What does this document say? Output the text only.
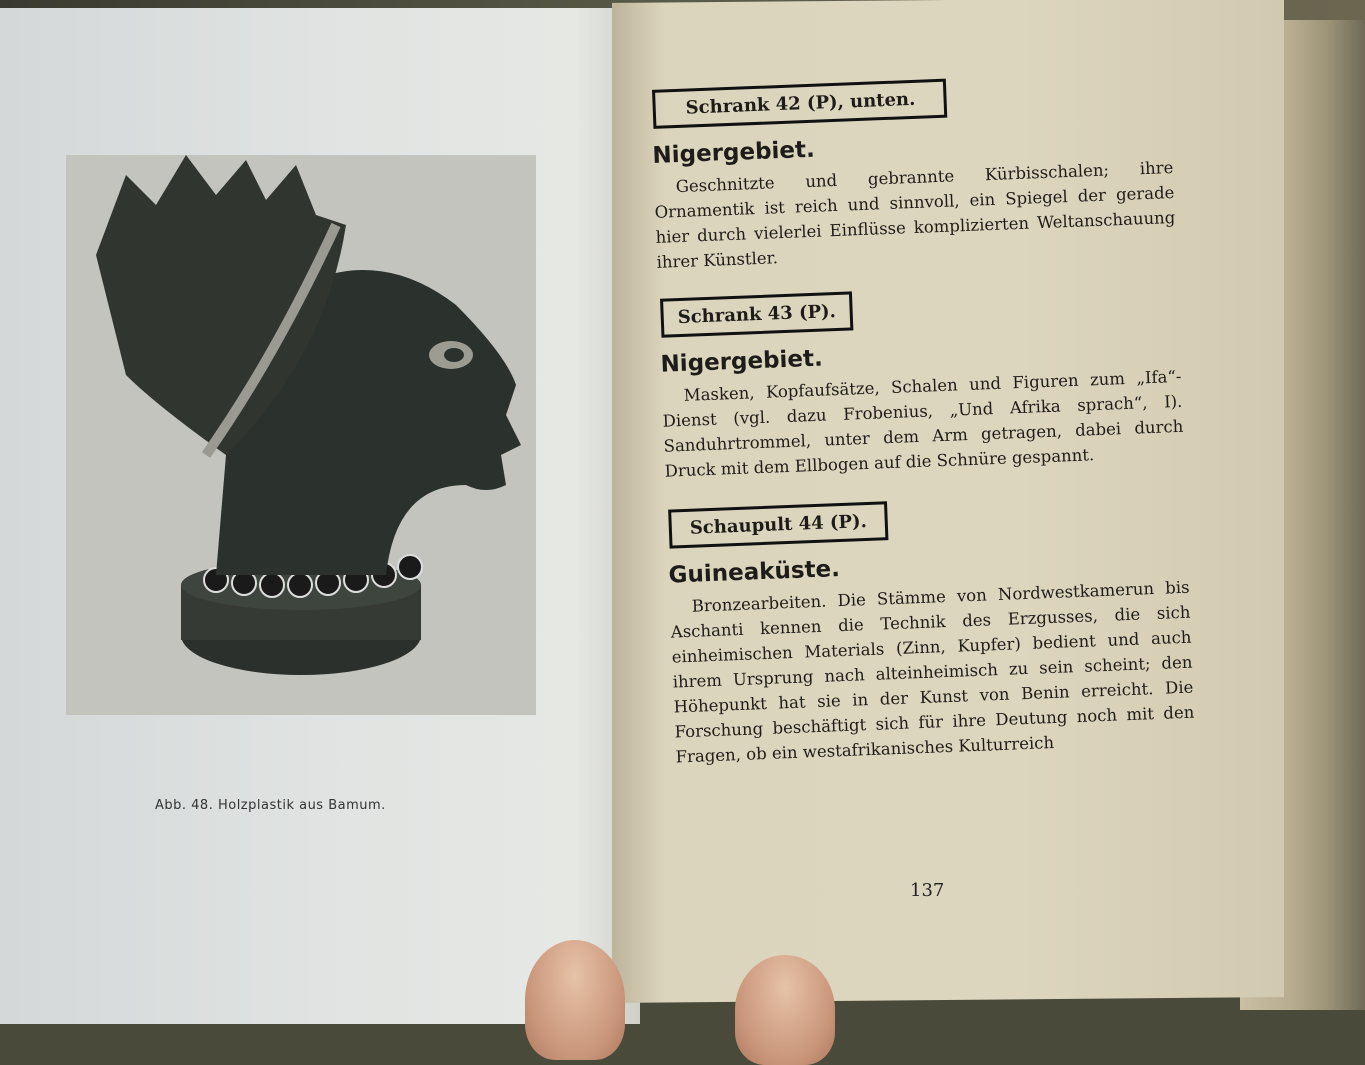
Abb. 48. Holzplastik aus Bamum.
Schrank 42 (P), unten.
Nigergebiet.

Geschnitzte und gebrannte Kürbisschalen; ihre Ornamentik ist reich und sinnvoll, ein Spiegel der gerade hier durch vielerlei Einflüsse komplizierten Weltanschauung ihrer Künstler.

Schrank 43 (P).
Nigergebiet.

Masken, Kopfaufsätze, Schalen und Figuren zum „Ifa“-Dienst (vgl. dazu Frobenius, „Und Afrika sprach“, I). Sanduhrtrommel, unter dem Arm getragen, dabei durch Druck mit dem Ellbogen auf die Schnüre gespannt.

Schaupult 44 (P).
Guineaküste.

Bronzearbeiten. Die Stämme von Nordwestkamerun bis Aschanti kennen die Technik des Erzgusses, die sich einheimischen Materials (Zinn, Kupfer) bedient und auch ihrem Ursprung nach alteinheimisch zu sein scheint; den Höhepunkt hat sie in der Kunst von Benin erreicht. Die Forschung beschäftigt sich für ihre Deutung noch mit den Fragen, ob ein westafrikanisches Kulturreich

137
